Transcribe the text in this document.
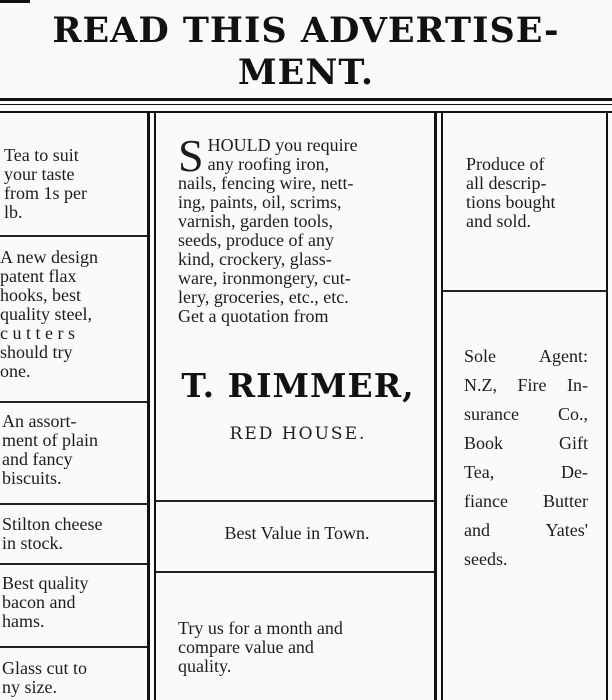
READ THIS ADVERTISE-
MENT.
Tea to suit
your taste
from 1s per
lb.
A new design
patent flax
hooks, best
quality steel,
c u t t e r s
should try
one.
An assort-
ment of plain
and fancy
biscuits.
Stilton cheese
in stock.
Best quality
bacon and
hams.
Glass cut to
ny size.
S HOULD you require
any roofing iron,
nails, fencing wire, nett-
ing, paints, oil, scrims,
varnish, garden tools,
seeds, produce of any
kind, crockery, glass-
ware, ironmongery, cut-
lery, groceries, etc., etc.
Get a quotation from
T. RIMMER,
RED HOUSE.
Best Value in Town.
Try us for a month and
compare value and
quality.
Produce of
all descrip-
tions bought
and sold.
Sole Agent:
N.Z, Fire In-
surance Co.,
Book Gift
Tea, De-
fiance Butter
and Yates'
seeds.
